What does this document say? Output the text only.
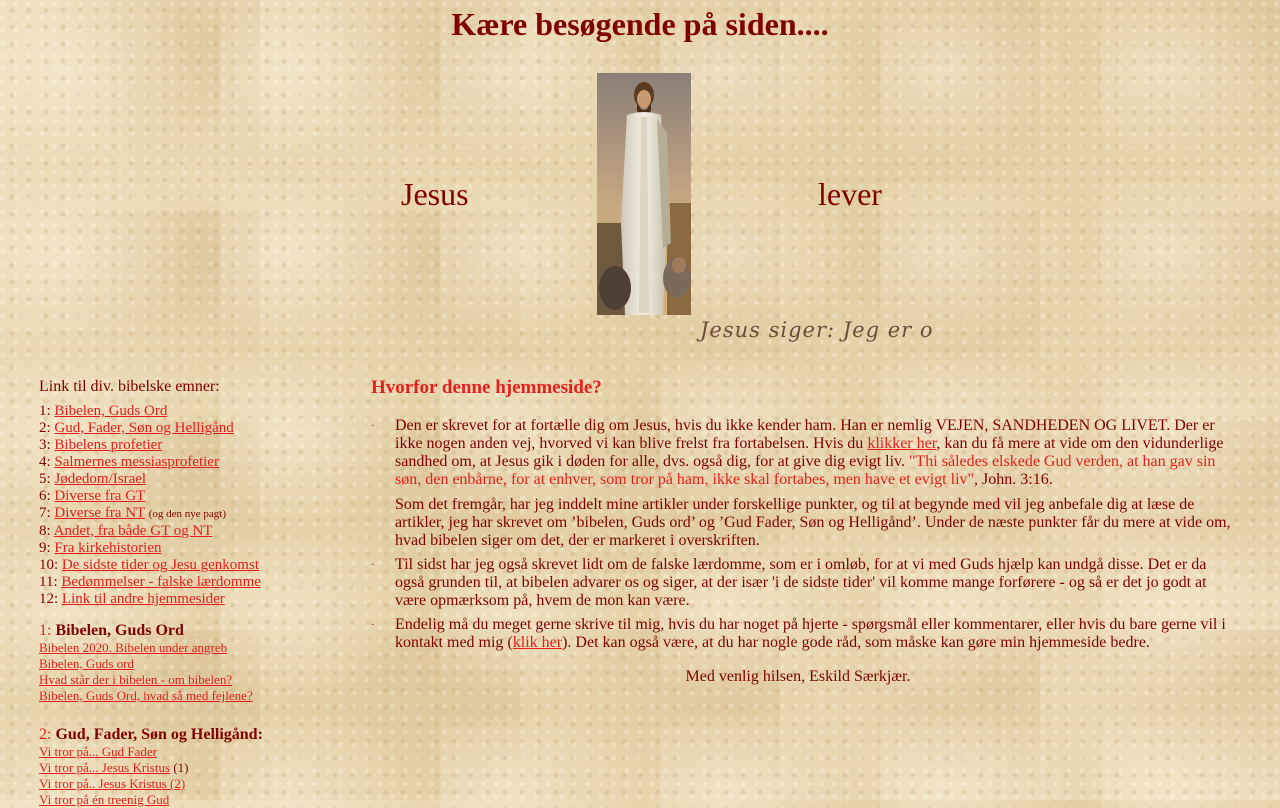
Kære besøgende på siden....
Jesus	lever
Jesus siger: Jeg er o
Link til div. bibelske emner:
1: Bibelen, Guds Ord
2: Gud, Fader, Søn og Helligånd
3: Bibelens profetier
4: Salmernes messiasprofetier
5: Jødedom/Israel
6: Diverse fra GT
7: Diverse fra NT (og den nye pagt)
8: Andet, fra både GT og NT
9: Fra kirkehistorien
10: De sidste tider og Jesu genkomst
11: Bedømmelser - falske lærdomme
12: Link til andre hjemmesider
1: Bibelen, Guds Ord
Bibelen 2020. Bibelen under angreb
Bibelen, Guds ord
Hvad står der i bibelen - om bibelen?
Bibelen, Guds Ord, hvad så med fejlene?
2: Gud, Fader, Søn og Helligånd:
Vi tror på... Gud Fader
Vi tror på... Jesus Kristus (1)
Vi tror på.. Jesus Kristus (2)
Vi tror på én treenig Gud
Hvorfor denne hjemmeside?
· Den er skrevet for at fortælle dig om Jesus, hvis du ikke kender ham. Han er nemlig VEJEN, SANDHEDEN OG LIVET. Der er ikke nogen anden vej, hvorved vi kan blive frelst fra fortabelsen. Hvis du klikker her, kan du få mere at vide om den vidunderlige sandhed om, at Jesus gik i døden for alle, dvs. også dig, for at give dig evigt liv. "Thi således elskede Gud verden, at han gav sin søn, den enbårne, for at enhver, som tror på ham, ikke skal fortabes, men have et evigt liv", John. 3:16.
Som det fremgår, har jeg inddelt mine artikler under forskellige punkter, og til at begynde med vil jeg anbefale dig at læse de artikler, jeg har skrevet om ’bibelen, Guds ord’ og ’Gud Fader, Søn og Helligånd’. Under de næste punkter får du mere at vide om, hvad bibelen siger om det, der er markeret i overskriften.
· Til sidst har jeg også skrevet lidt om de falske lærdomme, som er i omløb, for at vi med Guds hjælp kan undgå disse. Det er da også grunden til, at bibelen advarer os og siger, at der især 'i de sidste tider' vil komme mange forførere - og så er det jo godt at være opmærksom på, hvem de mon kan være.
· Endelig må du meget gerne skrive til mig, hvis du har noget på hjerte - spørgsmål eller kommentarer, eller hvis du bare gerne vil i kontakt med mig (klik her). Det kan også være, at du har nogle gode råd, som måske kan gøre min hjemmeside bedre.
Med venlig hilsen, Eskild Særkjær.
